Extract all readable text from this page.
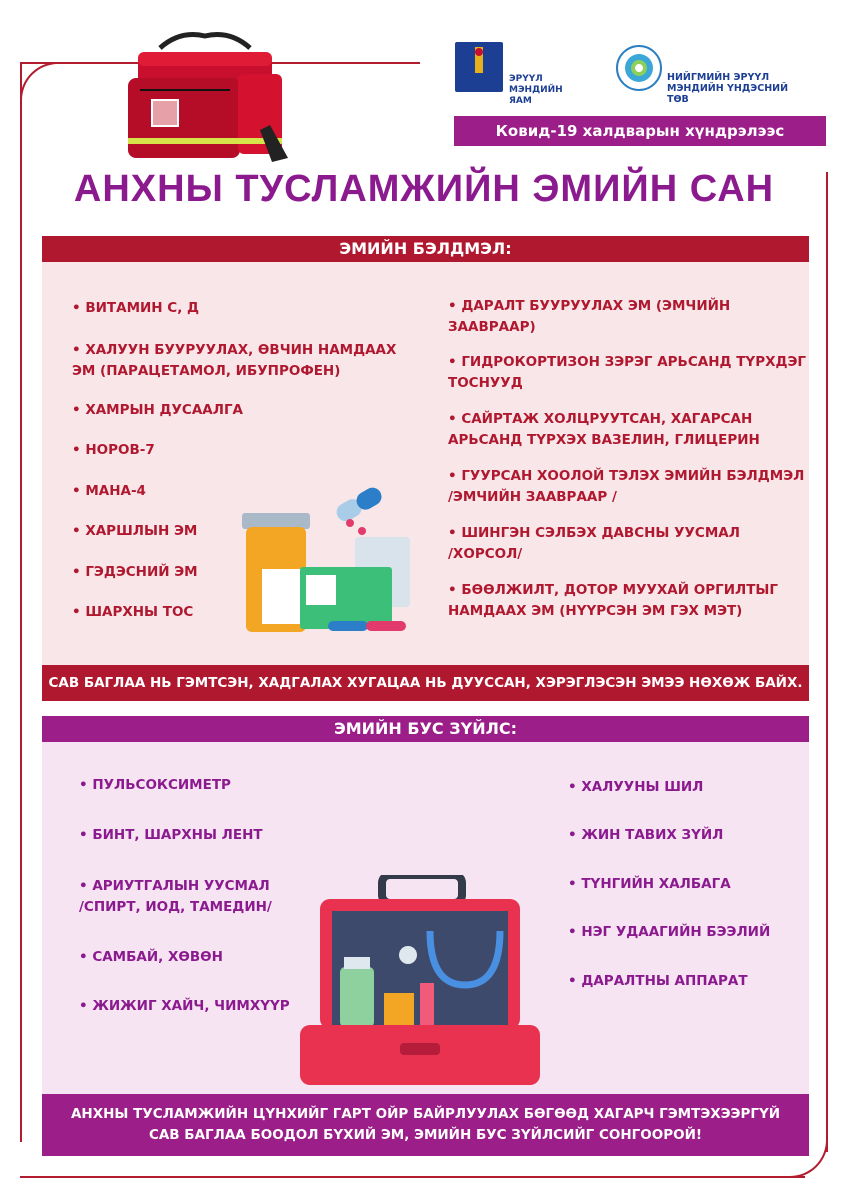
ЭРҮҮЛ МЭНДИЙН ЯАМ
НИЙГМИЙН ЭРҮҮЛ МЭНДИЙН ҮНДЭСНИЙ ТӨВ
Ковид-19 халдварын хүндрэлээс сэргийлье!
АНХНЫ ТУСЛАМЖИЙН ЭМИЙН САН
ЭМИЙН БЭЛДМЭЛ:
• ВИТАМИН С, Д
• ХАЛУУН БУУРУУЛАХ, ӨВЧИН НАМДААХ
ЭМ (ПАРАЦЕТАМОЛ, ИБУПРОФЕН)
• ХАМРЫН ДУСААЛГА
• НОРОВ-7
• МАНА-4
• ХАРШЛЫН ЭМ
• ГЭДЭСНИЙ ЭМ
• ШАРХНЫ ТОС
• ДАРАЛТ БУУРУУЛАХ ЭМ (ЭМЧИЙН
ЗААВРААР)
• ГИДРОКОРТИЗОН ЗЭРЭГ АРЬСАНД ТҮРХДЭГ
ТОСНУУД
• САЙРТАЖ ХОЛЦРУУТСАН, ХАГАРСАН
АРЬСАНД ТҮРХЭХ ВАЗЕЛИН, ГЛИЦЕРИН
• ГУУРСАН ХООЛОЙ ТЭЛЭХ ЭМИЙН БЭЛДМЭЛ
/ЭМЧИЙН ЗААВРААР /
• ШИНГЭН СЭЛБЭХ ДАВСНЫ УУСМАЛ
/ХОРСОЛ/
• БӨӨЛЖИЛТ, ДОТОР МУУХАЙ ОРГИЛТЫГ
НАМДААХ ЭМ (НҮҮРСЭН ЭМ ГЭХ МЭТ)
САВ БАГЛАА НЬ ГЭМТСЭН, ХАДГАЛАХ ХУГАЦАА НЬ ДУУССАН, ХЭРЭГЛЭСЭН ЭМЭЭ НӨХӨЖ БАЙХ.
ЭМИЙН БУС ЗҮЙЛС:
• ПУЛЬСОКСИМЕТР
• БИНТ, ШАРХНЫ ЛЕНТ
• АРИУТГАЛЫН УУСМАЛ
/СПИРТ, ИОД, ТАМЕДИН/
• САМБАЙ, ХӨВӨН
• ЖИЖИГ ХАЙЧ, ЧИМХҮҮР
• ХАЛУУНЫ ШИЛ
• ЖИН ТАВИХ ЗҮЙЛ
• ТҮНГИЙН ХАЛБАГА
• НЭГ УДААГИЙН БЭЭЛИЙ
• ДАРАЛТНЫ АППАРАТ
АНХНЫ ТУСЛАМЖИЙН ЦҮНХИЙГ ГАРТ ОЙР БАЙРЛУУЛАХ БӨГӨӨД ХАГАРЧ ГЭМТЭХЭЭРГҮЙ
САВ БАГЛАА БООДОЛ БҮХИЙ ЭМ, ЭМИЙН БУС ЗҮЙЛСИЙГ СОНГООРОЙ!
